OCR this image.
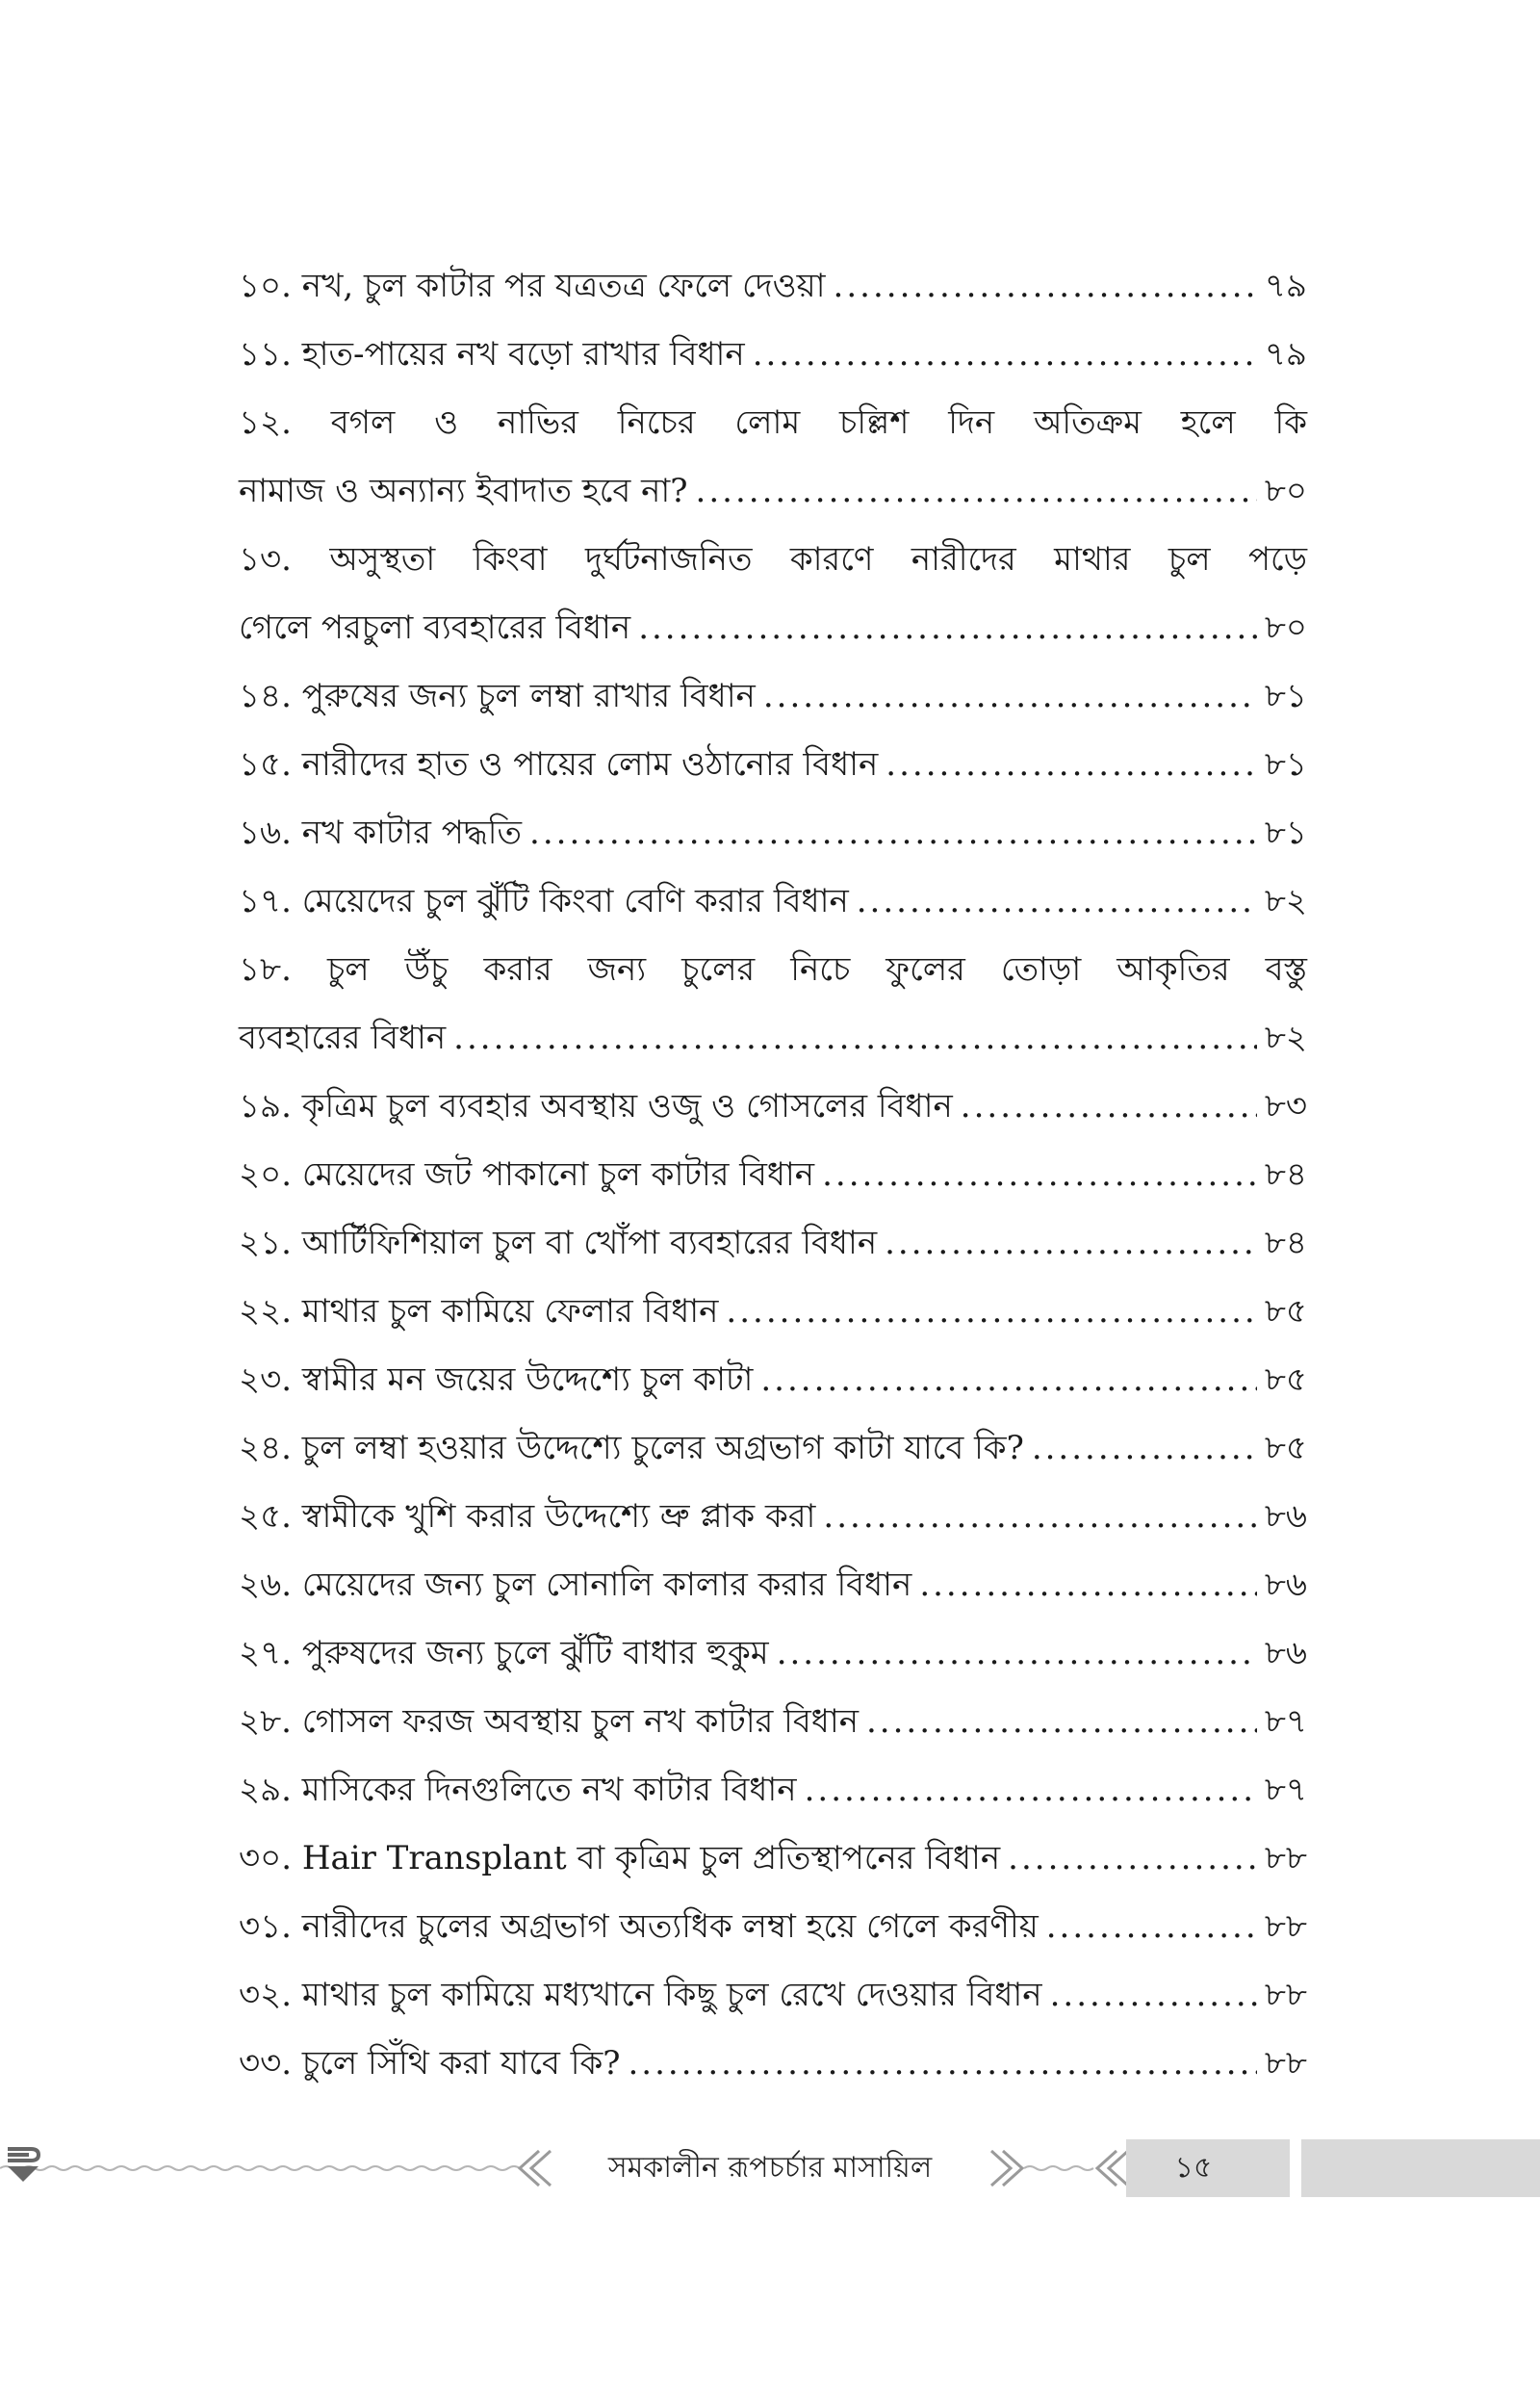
১০. নখ, চুল কাটার পর যত্রতত্র ফেলে দেওয়া .....	৭৯
১১. হাত-পায়ের নখ বড়ো রাখার বিধান .....	৭৯
১২. বগল ও নাভির নিচের লোম চল্লিশ দিন অতিক্রম হলে কি
নামাজ ও অন্যান্য ইবাদাত হবে না? .....	৮০
১৩. অসুস্থতা কিংবা দুর্ঘটনাজনিত কারণে নারীদের মাথার চুল পড়ে
গেলে পরচুলা ব্যবহারের বিধান .....	৮০
১৪. পুরুষের জন্য চুল লম্বা রাখার বিধান .....	৮১
১৫. নারীদের হাত ও পায়ের লোম ওঠানোর বিধান .....	৮১
১৬. নখ কাটার পদ্ধতি .....	৮১
১৭. মেয়েদের চুল ঝুঁটি কিংবা বেণি করার বিধান .....	৮২
১৮. চুল উঁচু করার জন্য চুলের নিচে ফুলের তোড়া আকৃতির বস্তু
ব্যবহারের বিধান .....	৮২
১৯. কৃত্রিম চুল ব্যবহার অবস্থায় ওজু ও গোসলের বিধান .....	৮৩
২০. মেয়েদের জট পাকানো চুল কাটার বিধান .....	৮৪
২১. আর্টিফিশিয়াল চুল বা খোঁপা ব্যবহারের বিধান .....	৮৪
২২. মাথার চুল কামিয়ে ফেলার বিধান .....	৮৫
২৩. স্বামীর মন জয়ের উদ্দেশ্যে চুল কাটা .....	৮৫
২৪. চুল লম্বা হওয়ার উদ্দেশ্যে চুলের অগ্রভাগ কাটা যাবে কি? .....	৮৫
২৫. স্বামীকে খুশি করার উদ্দেশ্যে ভ্রু প্লাক করা .....	৮৬
২৬. মেয়েদের জন্য চুল সোনালি কালার করার বিধান .....	৮৬
২৭. পুরুষদের জন্য চুলে ঝুঁটি বাধার হুকুম .....	৮৬
২৮. গোসল ফরজ অবস্থায় চুল নখ কাটার বিধান .....	৮৭
২৯. মাসিকের দিনগুলিতে নখ কাটার বিধান .....	৮৭
৩০. Hair Transplant বা কৃত্রিম চুল প্রতিস্থাপনের বিধান .....	৮৮
৩১. নারীদের চুলের অগ্রভাগ অত্যধিক লম্বা হয়ে গেলে করণীয় .....	৮৮
৩২. মাথার চুল কামিয়ে মধ্যখানে কিছু চুল রেখে দেওয়ার বিধান .....	৮৮
৩৩. চুলে সিঁথি করা যাবে কি? .....	৮৮
সমকালীন রূপচর্চার মাসায়িল	১৫
